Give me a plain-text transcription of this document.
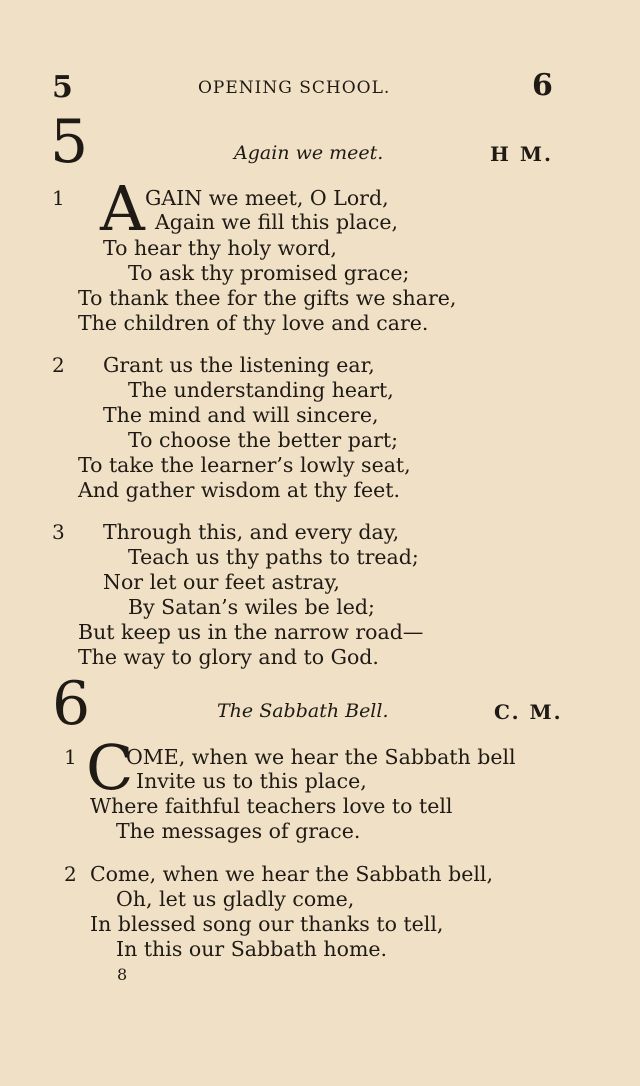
5	OPENING SCHOOL.	6
5	Again we meet.	H M.
1 A GAIN we meet, O Lord,
Again we fill this place,
To hear thy holy word,
To ask thy promised grace;
To thank thee for the gifts we share,
The children of thy love and care.
2 Grant us the listening ear,
The understanding heart,
The mind and will sincere,
To choose the better part;
To take the learner’s lowly seat,
And gather wisdom at thy feet.
3 Through this, and every day,
Teach us thy paths to tread;
Nor let our feet astray,
By Satan’s wiles be led;
But keep us in the narrow road—
The way to glory and to God.
6	The Sabbath Bell.	C. M.
1 C
OME, when we hear the Sabbath bell
Invite us to this place,
Where faithful teachers love to tell
The messages of grace.
2 Come, when we hear the Sabbath bell,
Oh, let us gladly come,
In blessed song our thanks to tell,
In this our Sabbath home.
8
